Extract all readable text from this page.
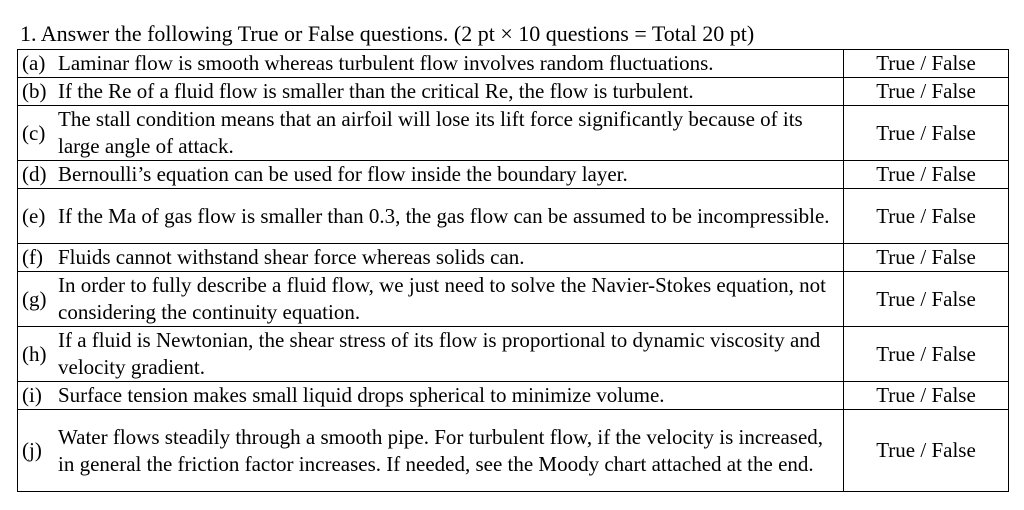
1. Answer the following True or False questions. (2 pt × 10 questions = Total 20 pt)
(a) Laminar flow is smooth whereas turbulent flow involves random fluctuations.	True / False

(b) If the Re of a fluid flow is smaller than the critical Re, the flow is turbulent.	True / False

(c)
The stall condition means that an airfoil will lose its lift force significantly because of its large angle of attack.	True / False

(d) Bernoulli’s equation can be used for flow inside the boundary layer.	True / False

(e) If the Ma of gas flow is smaller than 0.3, the gas flow can be assumed to be incompressible.	True / False

(f) Fluids cannot withstand shear force whereas solids can.	True / False

(g)
In order to fully describe a fluid flow, we just need to solve the Navier-Stokes equation, not considering the continuity equation.	True / False

(h)
If a fluid is Newtonian, the shear stress of its flow is proportional to dynamic viscosity and velocity gradient.	True / False

(i) Surface tension makes small liquid drops spherical to minimize volume.	True / False

(j)
Water flows steadily through a smooth pipe. For turbulent flow, if the velocity is increased, in general the friction factor increases. If needed, see the Moody chart attached at the end.	True / False
